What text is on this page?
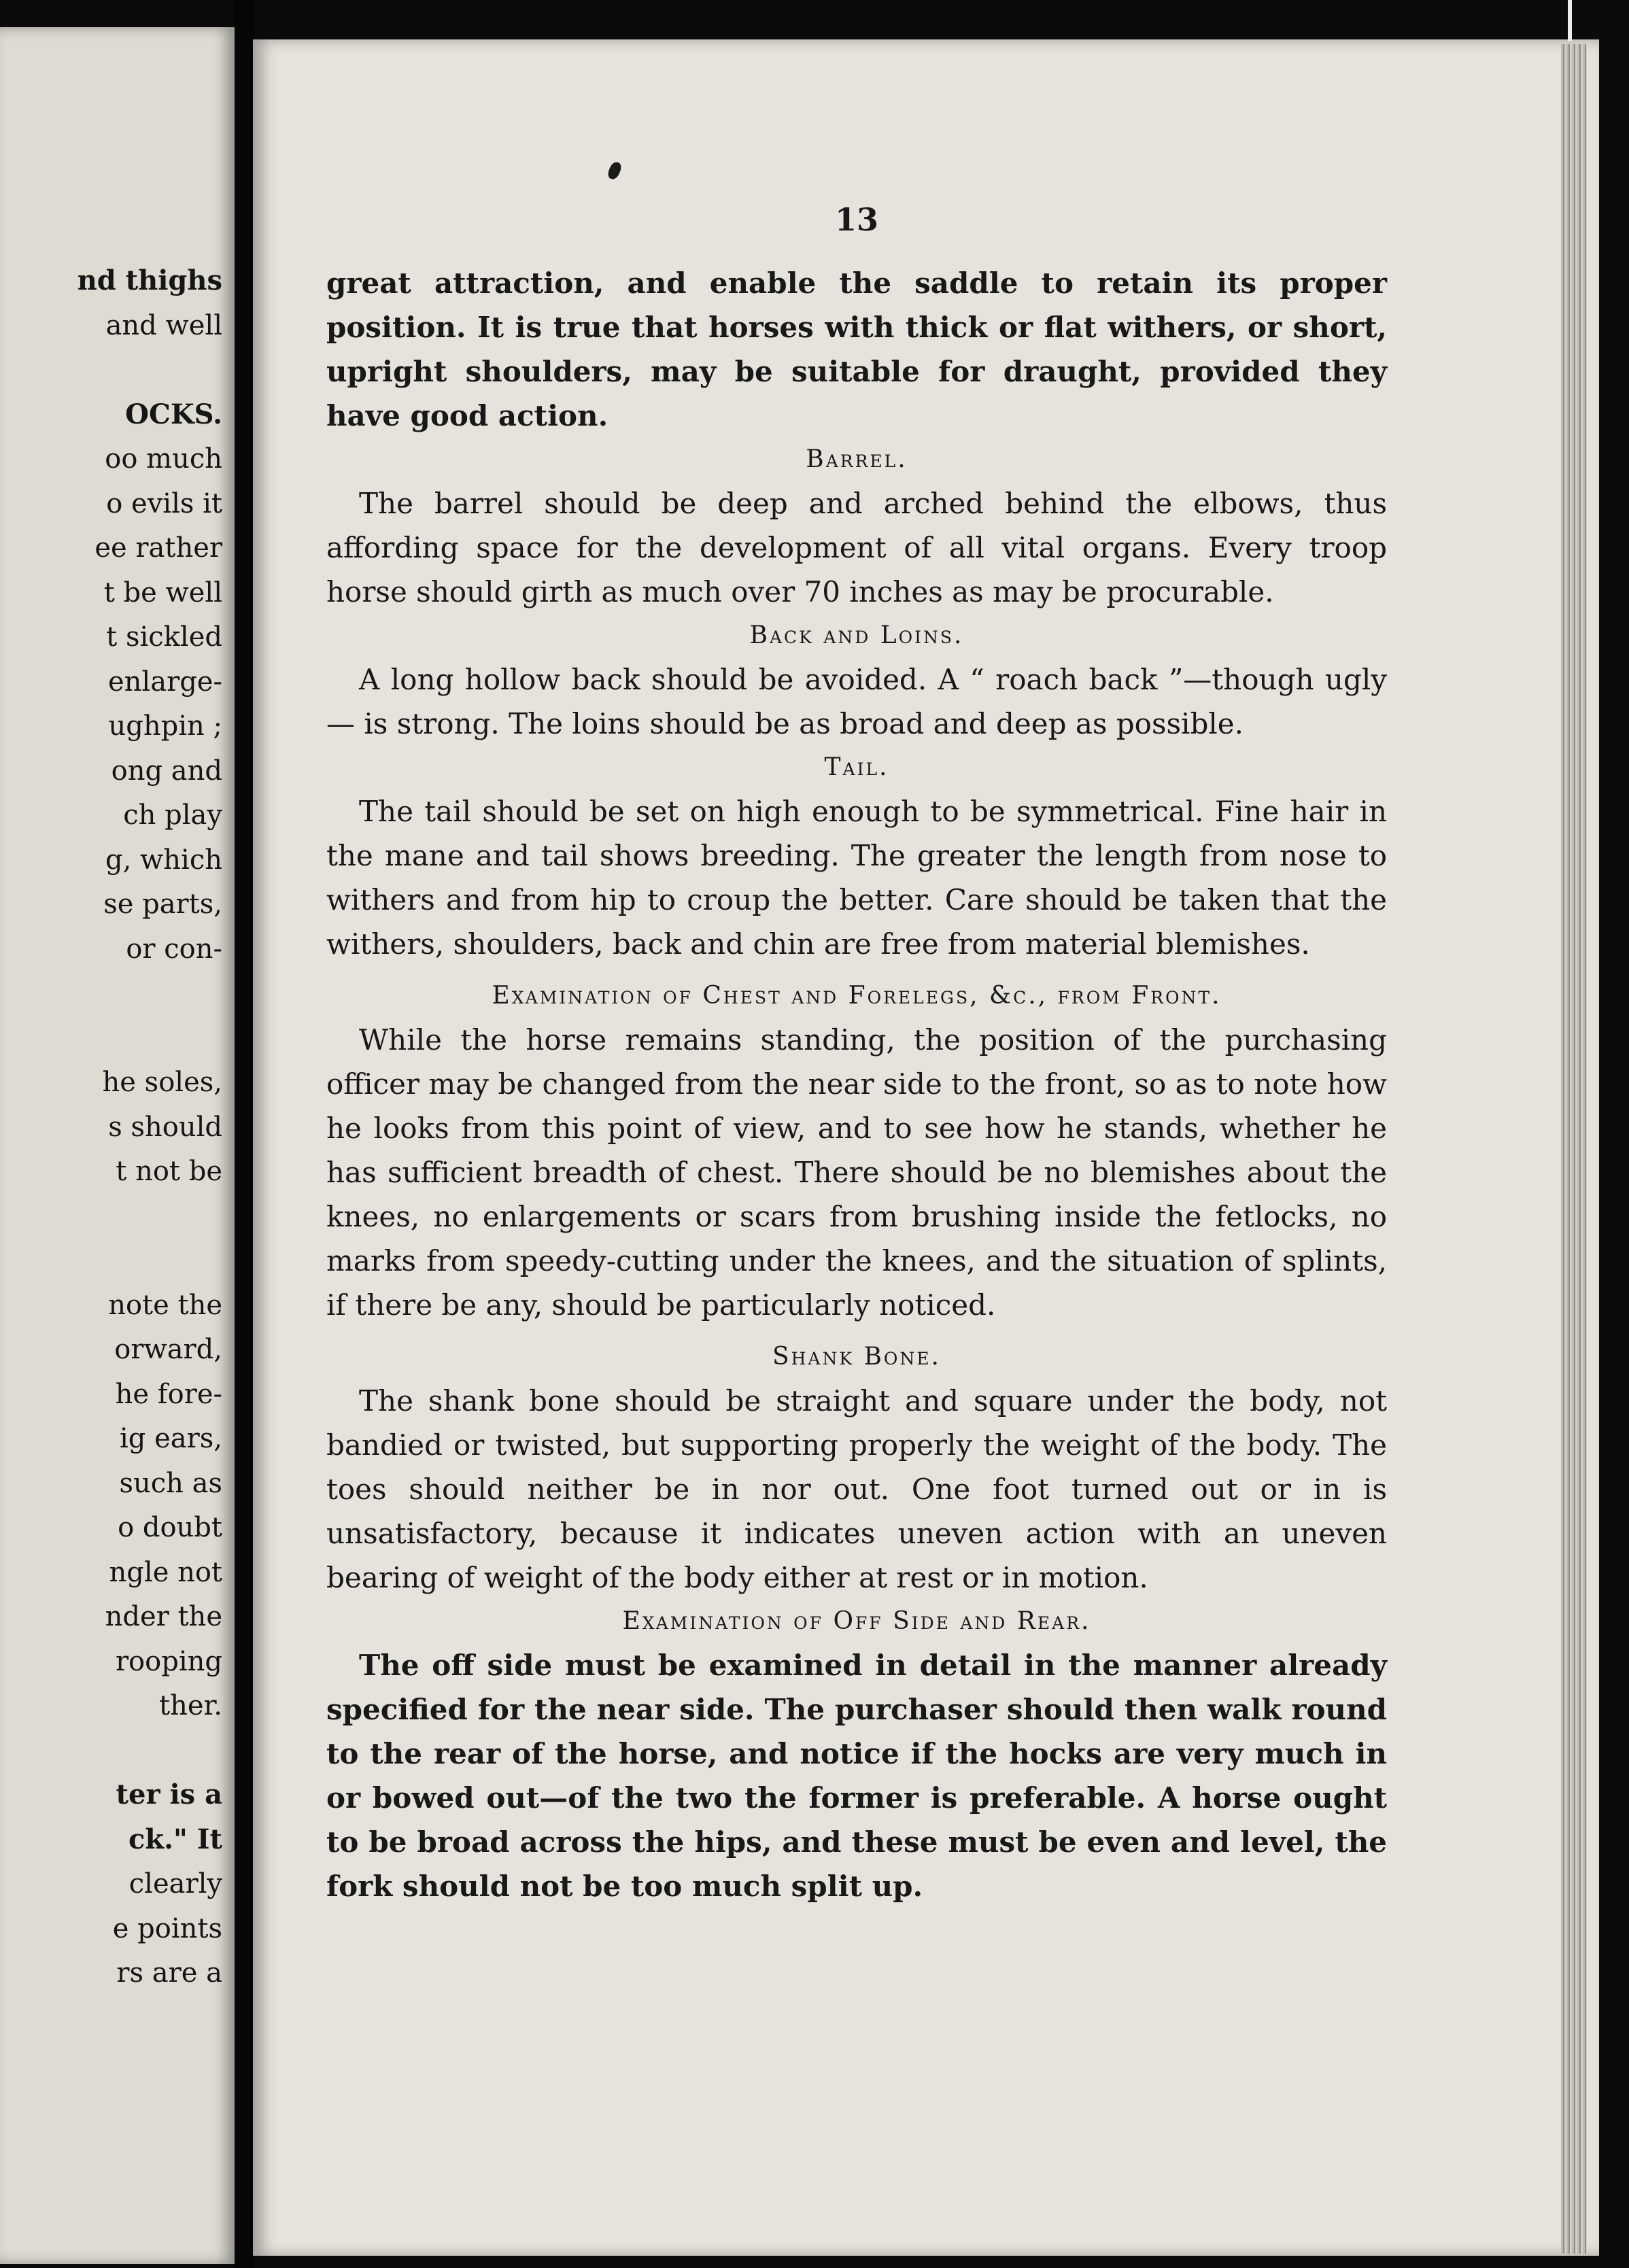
nd thighs
and well
OCKS.
oo much
o evils it
ee rather
t be well
t sickled
enlarge-
ughpin ;
ong and
ch play
g, which
se parts,
or con-
he soles,
s should
t not be
note the
orward,
he fore-
ig ears,
such as
o doubt
ngle not
nder the
rooping
ther.
ter is a
ck." It
clearly
e points
rs are a
13

great attraction, and enable the saddle to retain its proper position. It is true that horses with thick or flat withers, or short, upright shoulders, may be suitable for draught, provided they have good action.

Barrel.

The barrel should be deep and arched behind the elbows, thus affording space for the development of all vital organs. Every troop horse should girth as much over 70 inches as may be procurable.

Back and Loins.

A long hollow back should be avoided. A “ roach back ”—though ugly— is strong. The loins should be as broad and deep as possible.

Tail.

The tail should be set on high enough to be symmetrical. Fine hair in the mane and tail shows breeding. The greater the length from nose to withers and from hip to croup the better. Care should be taken that the withers, shoulders, back and chin are free from material blemishes.

Examination of Chest and Forelegs, &c., from Front.

While the horse remains standing, the position of the purchasing officer may be changed from the near side to the front, so as to note how he looks from this point of view, and to see how he stands, whether he has sufficient breadth of chest. There should be no blemishes about the knees, no enlargements or scars from brushing inside the fetlocks, no marks from speedy-cutting under the knees, and the situation of splints, if there be any, should be particularly noticed.

Shank Bone.

The shank bone should be straight and square under the body, not bandied or twisted, but supporting properly the weight of the body. The toes should neither be in nor out. One foot turned out or in is unsatisfactory, because it indicates uneven action with an uneven bearing of weight of the body either at rest or in motion.

Examination of Off Side and Rear.

The off side must be examined in detail in the manner already specified for the near side. The purchaser should then walk round to the rear of the horse, and notice if the hocks are very much in or bowed out—of the two the former is preferable. A horse ought to be broad across the hips, and these must be even and level, the fork should not be too much split up.
